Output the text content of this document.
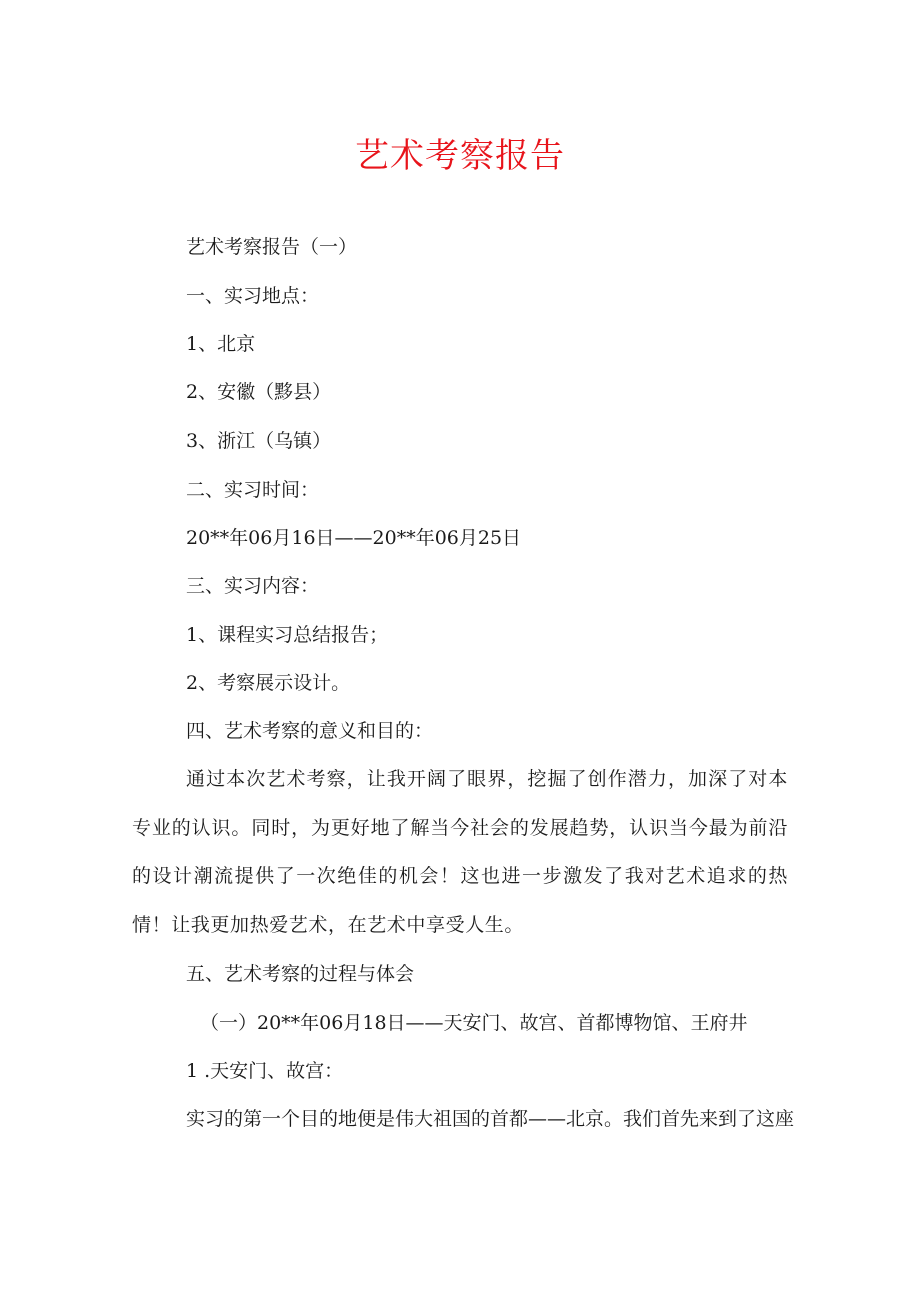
艺术考察报告
艺术考察报告（一）
一、实习地点：
1、北京
2、安徽（黟县）
3、浙江（乌镇）
二、实习时间：
20**年06月16日——20**年06月25日
三、实习内容：
1、课程实习总结报告；
2、考察展示设计。
四、艺术考察的意义和目的：
通过本次艺术考察，让我开阔了眼界，挖掘了创作潜力，加深了对本专业的认识。同时，为更好地了解当今社会的发展趋势，认识当今最为前沿的设计潮流提供了一次绝佳的机会！这也进一步激发了我对艺术追求的热情！让我更加热爱艺术，在艺术中享受人生。
五、艺术考察的过程与体会
（一）20**年06月18日——天安门、故宫、首都博物馆、王府井
1 .天安门、故宫：
实习的第一个目的地便是伟大祖国的首都——北京。我们首先来到了这座
